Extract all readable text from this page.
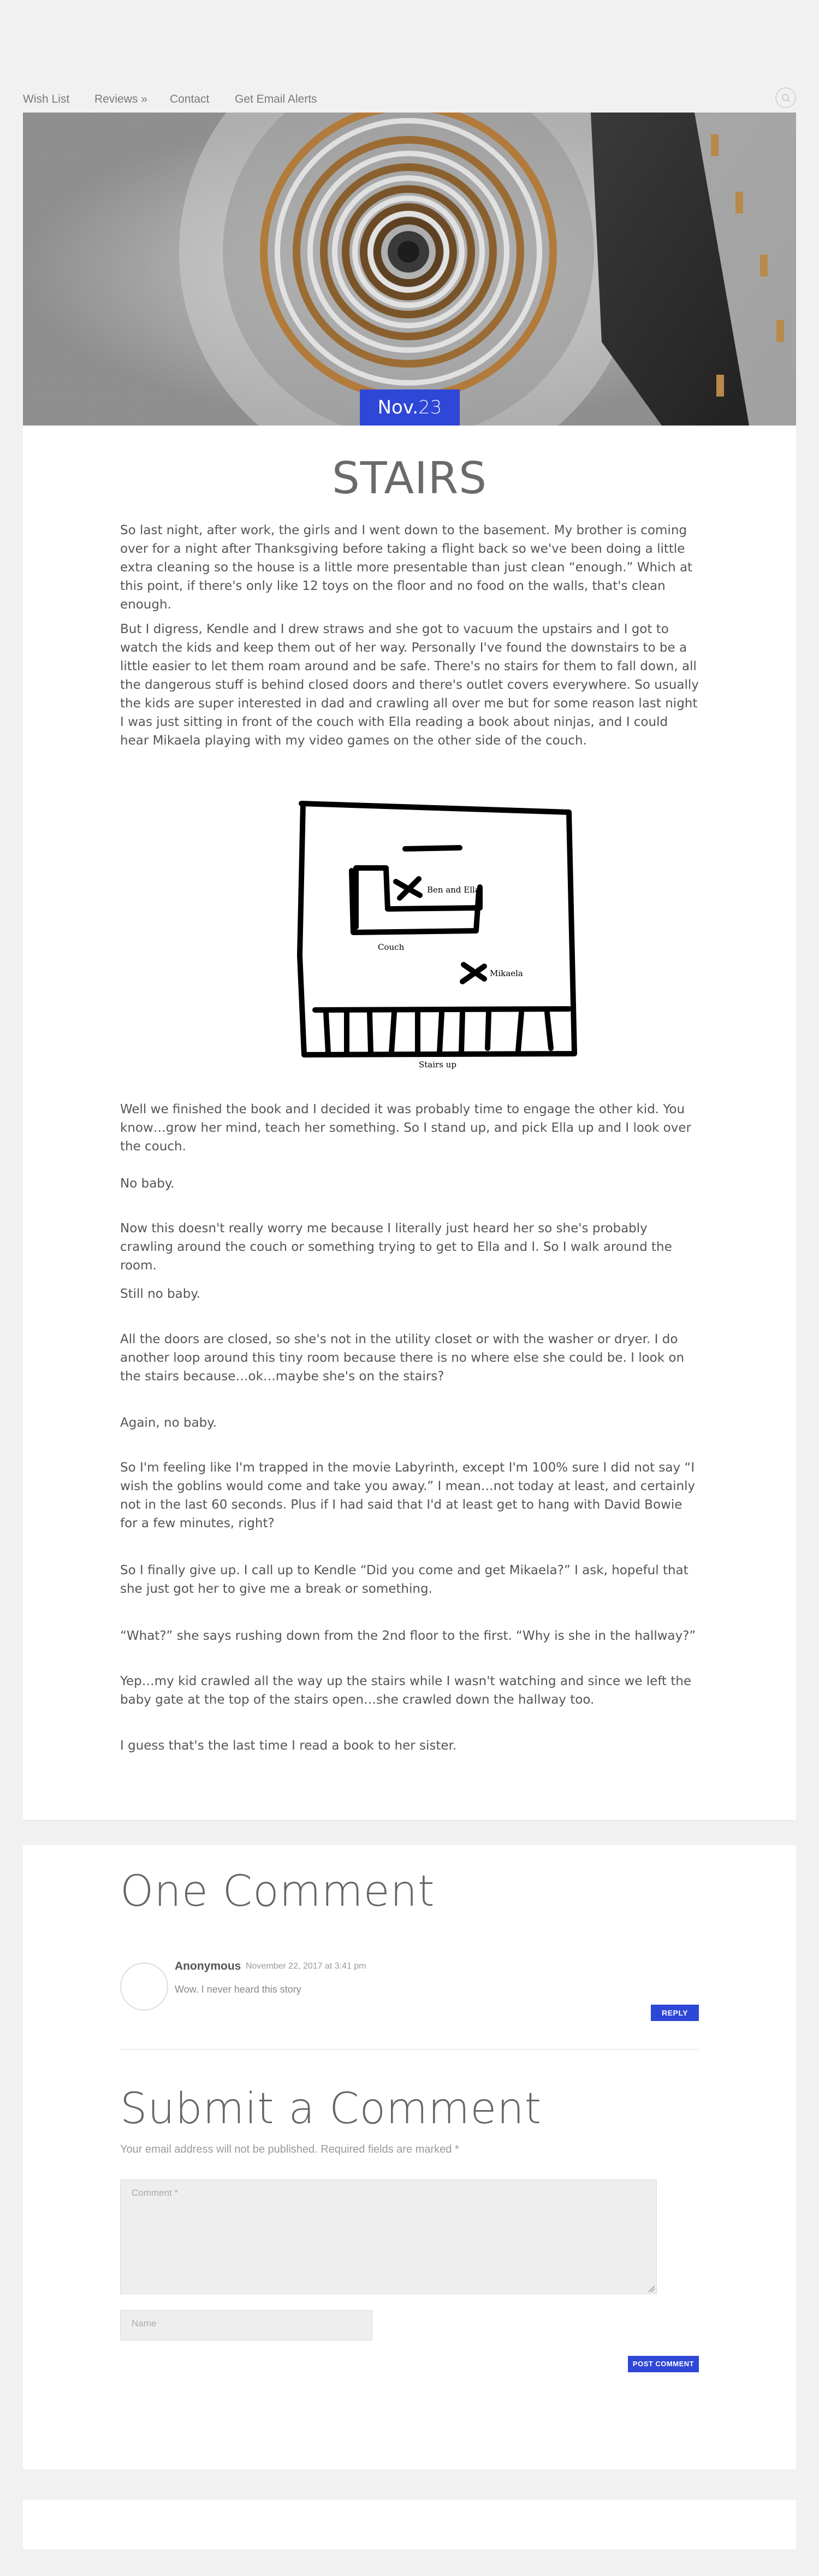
Wish List Reviews » Contact Get Email Alerts
Nov.23
STAIRS

So last night, after work, the girls and I went down to the basement. My brother is coming over for a night after Thanksgiving before taking a flight back so we've been doing a little extra cleaning so the house is a little more presentable than just clean “enough.” Which at this point, if there's only like 12 toys on the floor and no food on the walls, that's clean enough.

But I digress, Kendle and I drew straws and she got to vacuum the upstairs and I got to watch the kids and keep them out of her way. Personally I've found the downstairs to be a little easier to let them roam around and be safe. There's no stairs for them to fall down, all the dangerous stuff is behind closed doors and there's outlet covers everywhere. So usually the kids are super interested in dad and crawling all over me but for some reason last night I was just sitting in front of the couch with Ella reading a book about ninjas, and I could hear Mikaela playing with my video games on the other side of the couch.

Well we finished the book and I decided it was probably time to engage the other kid. You know…grow her mind, teach her something. So I stand up, and pick Ella up and I look over the couch.

No baby.

Now this doesn't really worry me because I literally just heard her so she's probably crawling around the couch or something trying to get to Ella and I. So I walk around the room.

Still no baby.

All the doors are closed, so she's not in the utility closet or with the washer or dryer. I do another loop around this tiny room because there is no where else she could be. I look on the stairs because…ok…maybe she's on the stairs?

Again, no baby.

So I'm feeling like I'm trapped in the movie Labyrinth, except I'm 100% sure I did not say “I wish the goblins would come and take you away.” I mean…not today at least, and certainly not in the last 60 seconds. Plus if I had said that I'd at least get to hang with David Bowie for a few minutes, right?

So I finally give up. I call up to Kendle “Did you come and get Mikaela?” I ask, hopeful that she just got her to give me a break or something.

“What?” she says rushing down from the 2nd floor to the first. “Why is she in the hallway?”

Yep…my kid crawled all the way up the stairs while I wasn't watching and since we left the baby gate at the top of the stairs open…she crawled down the hallway too.

I guess that's the last time I read a book to her sister.

Ben and Ella
Couch
Mikaela
Stairs up
One Comment
Anonymous November 22, 2017 at 3:41 pm
Wow. I never heard this story
REPLY
Submit a Comment
Your email address will not be published. Required fields are marked *
Comment *
Name
POST COMMENT
